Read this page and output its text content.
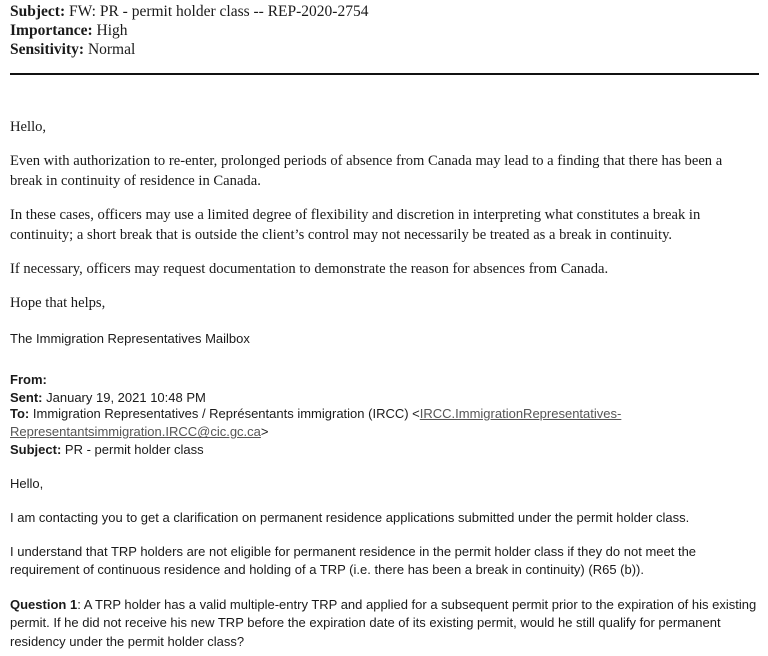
Subject: FW: PR - permit holder class -- REP-2020-2754
Importance: High
Sensitivity: Normal
Hello,
Even with authorization to re-enter, prolonged periods of absence from Canada may lead to a finding that there has been a break in continuity of residence in Canada.
In these cases, officers may use a limited degree of flexibility and discretion in interpreting what constitutes a break in continuity; a short break that is outside the client’s control may not necessarily be treated as a break in continuity.
If necessary, officers may request documentation to demonstrate the reason for absences from Canada.
Hope that helps,
The Immigration Representatives Mailbox
From:
Sent: January 19, 2021 10:48 PM
To: Immigration Representatives / Représentants immigration (IRCC) <IRCC.ImmigrationRepresentatives-Representantsimmigration.IRCC@cic.gc.ca>
Subject: PR - permit holder class
Hello,
I am contacting you to get a clarification on permanent residence applications submitted under the permit holder class.
I understand that TRP holders are not eligible for permanent residence in the permit holder class if they do not meet the requirement of continuous residence and holding of a TRP (i.e. there has been a break in continuity) (R65 (b)).
Question 1: A TRP holder has a valid multiple-entry TRP and applied for a subsequent permit prior to the expiration of his existing permit. If he did not receive his new TRP before the expiration date of its existing permit, would he still qualify for permanent residency under the permit holder class?
